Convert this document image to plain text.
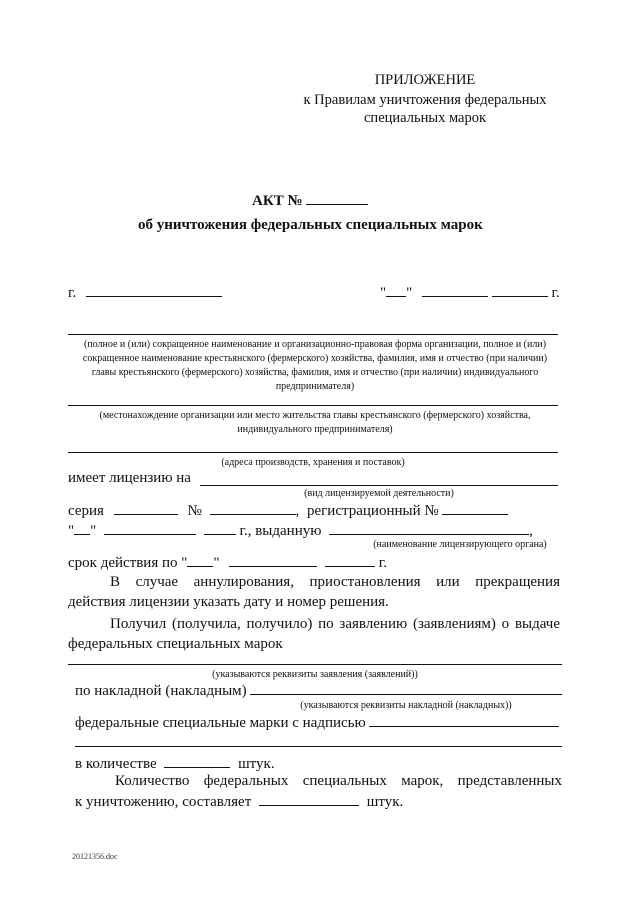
ПРИЛОЖЕНИЕ
к Правилам уничтожения федеральных
специальных марок
АКТ №
об уничтожения федеральных специальных марок
г.	" "	г.
(полное и (или) сокращенное наименование и организационно-правовая форма организации, полное и (или) сокращенное наименование крестьянского (фермерского) хозяйства, фамилия, имя и отчество (при наличии) главы крестьянского (фермерского) хозяйства, фамилия, имя и отчество (при наличии) индивидуального предпринимателя)
(местонахождение организации или место жительства главы крестьянского (фермерского) хозяйства, индивидуального предпринимателя)
(адреса производств, хранения и поставок)
имеет лицензию на
(вид лицензируемой деятельности)
серия	№	, регистрационный №
" "	г., выданную	,
(наименование лицензирующего органа)
срок действия по " "	г.
В случае аннулирования, приостановления или прекращения
действия лицензии указать дату и номер решения.
Получил (получила, получило) по заявлению (заявлениям) о выдаче
федеральных специальных марок
(указываются реквизиты заявления (заявлений))
по накладной (накладным)
(указываются реквизиты накладной (накладных))
федеральные специальные марки с надписью
в количестве	штук.
Количество федеральных специальных марок, представленных
к уничтожению, составляет	штук.
20121356.doc
